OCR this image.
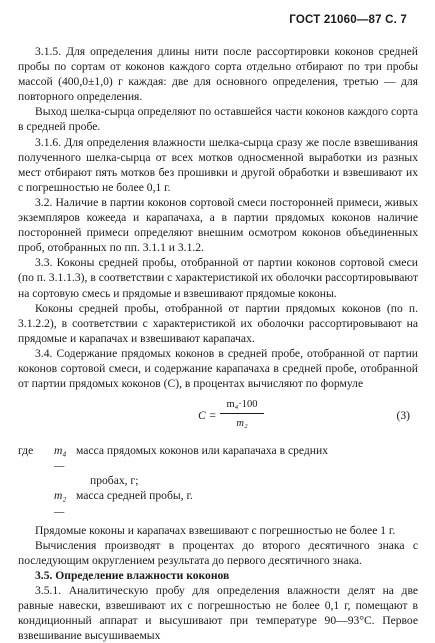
ГОСТ 21060—87 С. 7

3.1.5. Для определения длины нити после рассортировки коконов средней пробы по сортам от коконов каждого сорта отдельно отбирают по три пробы массой (400,0±1,0) г каждая: две для основного определения, третью — для повторного определения.

Выход шелка-сырца определяют по оставшейся части коконов каждого сорта в средней пробе.

3.1.6. Для определения влажности шелка-сырца сразу же после взвешивания полученного шелка-сырца от всех мотков односменной выработки из разных мест отбирают пять мотков без прошивки и другой обработки и взвешивают их с погрешностью не более 0,1 г.

3.2. Наличие в партии коконов сортовой смеси посторонней примеси, живых экземпляров кожееда и карапачаха, а в партии прядомых коконов наличие посторонней примеси определяют внешним осмотром коконов объединенных проб, отобранных по пп. 3.1.1 и 3.1.2.

3.3. Коконы средней пробы, отобранной от партии коконов сортовой смеси (по п. 3.1.1.3), в соответствии с характеристикой их оболочки рассортировывают на сортовую смесь и прядомые и взвешивают прядомые коконы.

Коконы средней пробы, отобранной от партии прядомых коконов (по п. 3.1.2.2), в соответствии с характеристикой их оболочки рассортировывают на прядомые и карапачах и взвешивают карапачах.

3.4. Содержание прядомых коконов в средней пробе, отобранной от партии коконов сортовой смеси, и содержание карапачаха в средней пробе, отобранной от партии прядомых коконов (C), в процентах вычисляют по формуле

$C = \frac{\text{m₄·100}}{\text{m₂}}$	(3)
где	m₄ —
масса прядомых коконов или карапачаха в средних
пробах, г;
m₂ —
масса средней пробы, г.

Прядомые коконы и карапачах взвешивают с погрешностью не более 1 г.

Вычисления производят в процентах до второго десятичного знака с последующим округлением результата до первого десятичного знака.

3.5. Определение влажности коконов

3.5.1. Аналитическую пробу для определения влажности делят на две равные навески, взвешивают их с погрешностью не более 0,1 г, помещают в кондиционный аппарат и высушивают при температуре 90—93°С. Первое взвешивание высушиваемых
